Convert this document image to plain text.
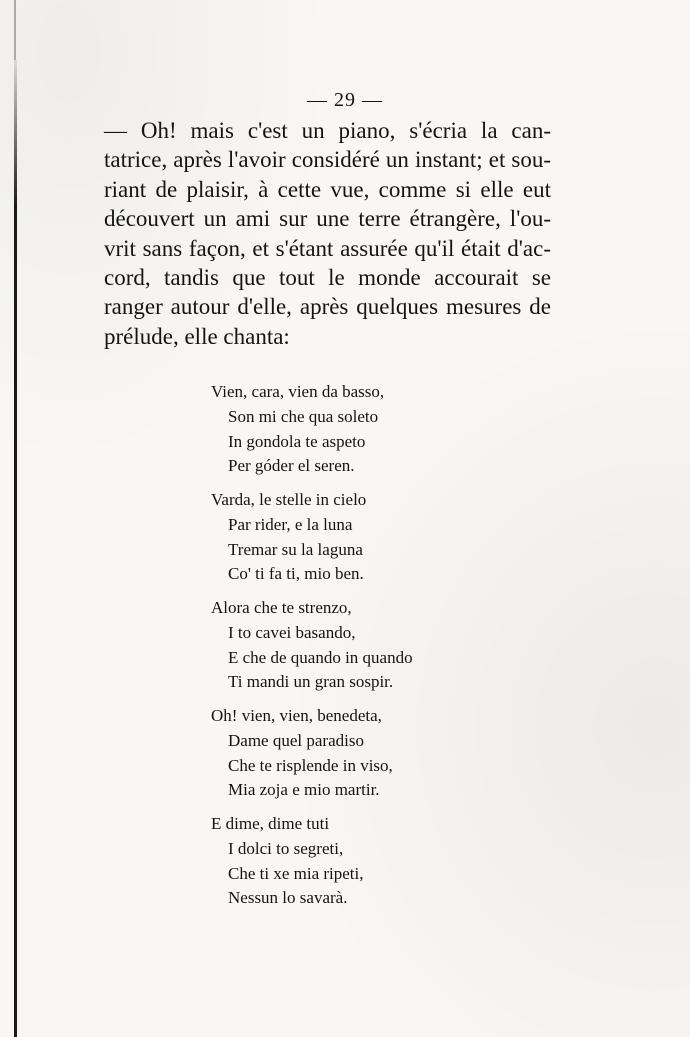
— 29 —
— Oh! mais c'est un piano, s'écria la can-
tatrice, après l'avoir considéré un instant; et sou-
riant de plaisir, à cette vue, comme si elle eut
découvert un ami sur une terre étrangère, l'ou-
vrit sans façon, et s'étant assurée qu'il était d'ac-
cord, tandis que tout le monde accourait se
ranger autour d'elle, après quelques mesures de
prélude, elle chanta:
Vien, cara, vien da basso,
Son mi che qua soleto
In gondola te aspeto
Per góder el seren.
Varda, le stelle in cielo
Par rider, e la luna
Tremar su la laguna
Co' ti fa ti, mio ben.
Alora che te strenzo,
I to cavei basando,
E che de quando in quando
Ti mandi un gran sospir.
Oh! vien, vien, benedeta,
Dame quel paradiso
Che te risplende in viso,
Mia zoja e mio martir.
E dime, dime tuti
I dolci to segreti,
Che ti xe mia ripeti,
Nessun lo savarà.
